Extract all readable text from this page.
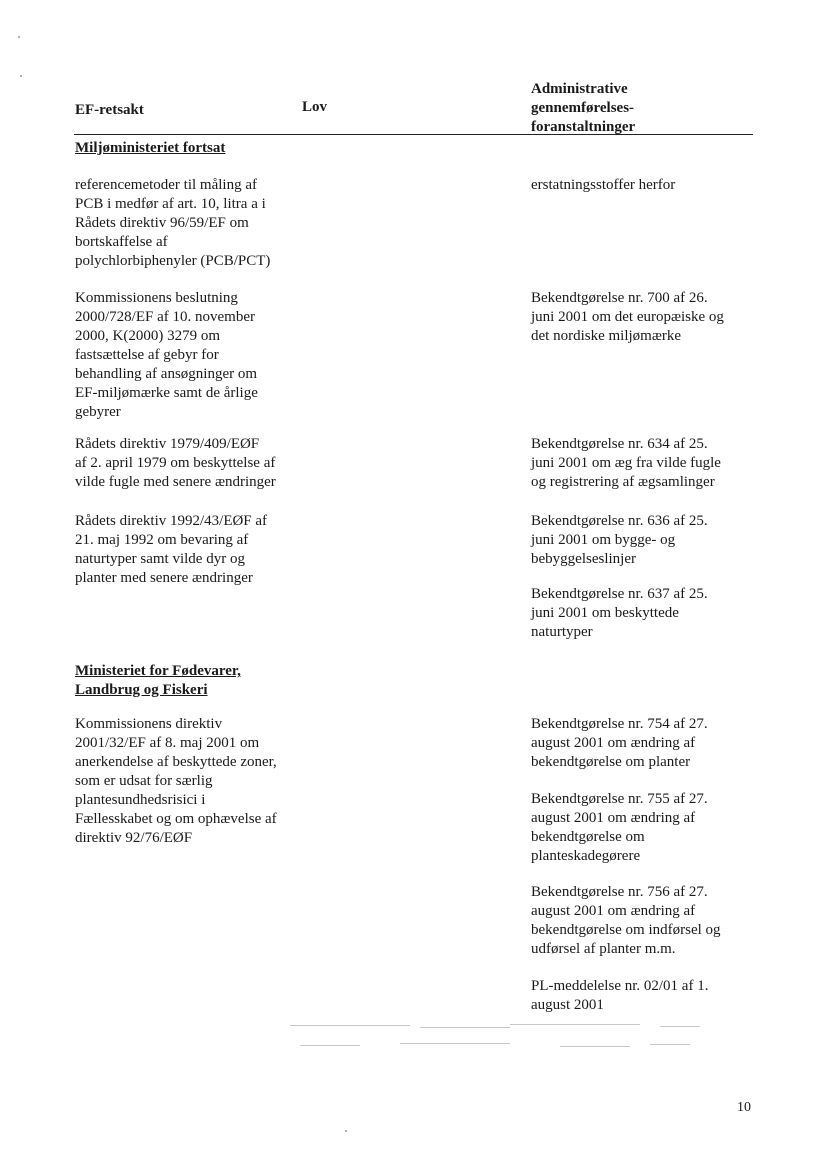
EF-retsakt	Lov
Administrative
gennemførelses-
foranstaltninger
Miljøministeriet fortsat
referencemetoder til måling af
PCB i medfør af art. 10, litra a i
Rådets direktiv 96/59/EF om
bortskaffelse af
polychlorbiphenyler (PCB/PCT)
erstatningsstoffer herfor
Kommissionens beslutning
2000/728/EF af 10. november
2000, K(2000) 3279 om
fastsættelse af gebyr for
behandling af ansøgninger om
EF-miljømærke samt de årlige
gebyrer
Bekendtgørelse nr. 700 af 26.
juni 2001 om det europæiske og
det nordiske miljømærke
Rådets direktiv 1979/409/EØF
af 2. april 1979 om beskyttelse af
vilde fugle med senere ændringer
Bekendtgørelse nr. 634 af 25.
juni 2001 om æg fra vilde fugle
og registrering af ægsamlinger
Rådets direktiv 1992/43/EØF af
21. maj 1992 om bevaring af
naturtyper samt vilde dyr og
planter med senere ændringer
Bekendtgørelse nr. 636 af 25.
juni 2001 om bygge- og
bebyggelseslinjer
Bekendtgørelse nr. 637 af 25.
juni 2001 om beskyttede
naturtyper
Ministeriet for Fødevarer,
Landbrug og Fiskeri
Kommissionens direktiv
2001/32/EF af 8. maj 2001 om
anerkendelse af beskyttede zoner,
som er udsat for særlig
plantesundhedsrisici i
Fællesskabet og om ophævelse af
direktiv 92/76/EØF
Bekendtgørelse nr. 754 af 27.
august 2001 om ændring af
bekendtgørelse om planter
Bekendtgørelse nr. 755 af 27.
august 2001 om ændring af
bekendtgørelse om
planteskadegørere
Bekendtgørelse nr. 756 af 27.
august 2001 om ændring af
bekendtgørelse om indførsel og
udførsel af planter m.m.
PL-meddelelse nr. 02/01 af 1.
august 2001
10
